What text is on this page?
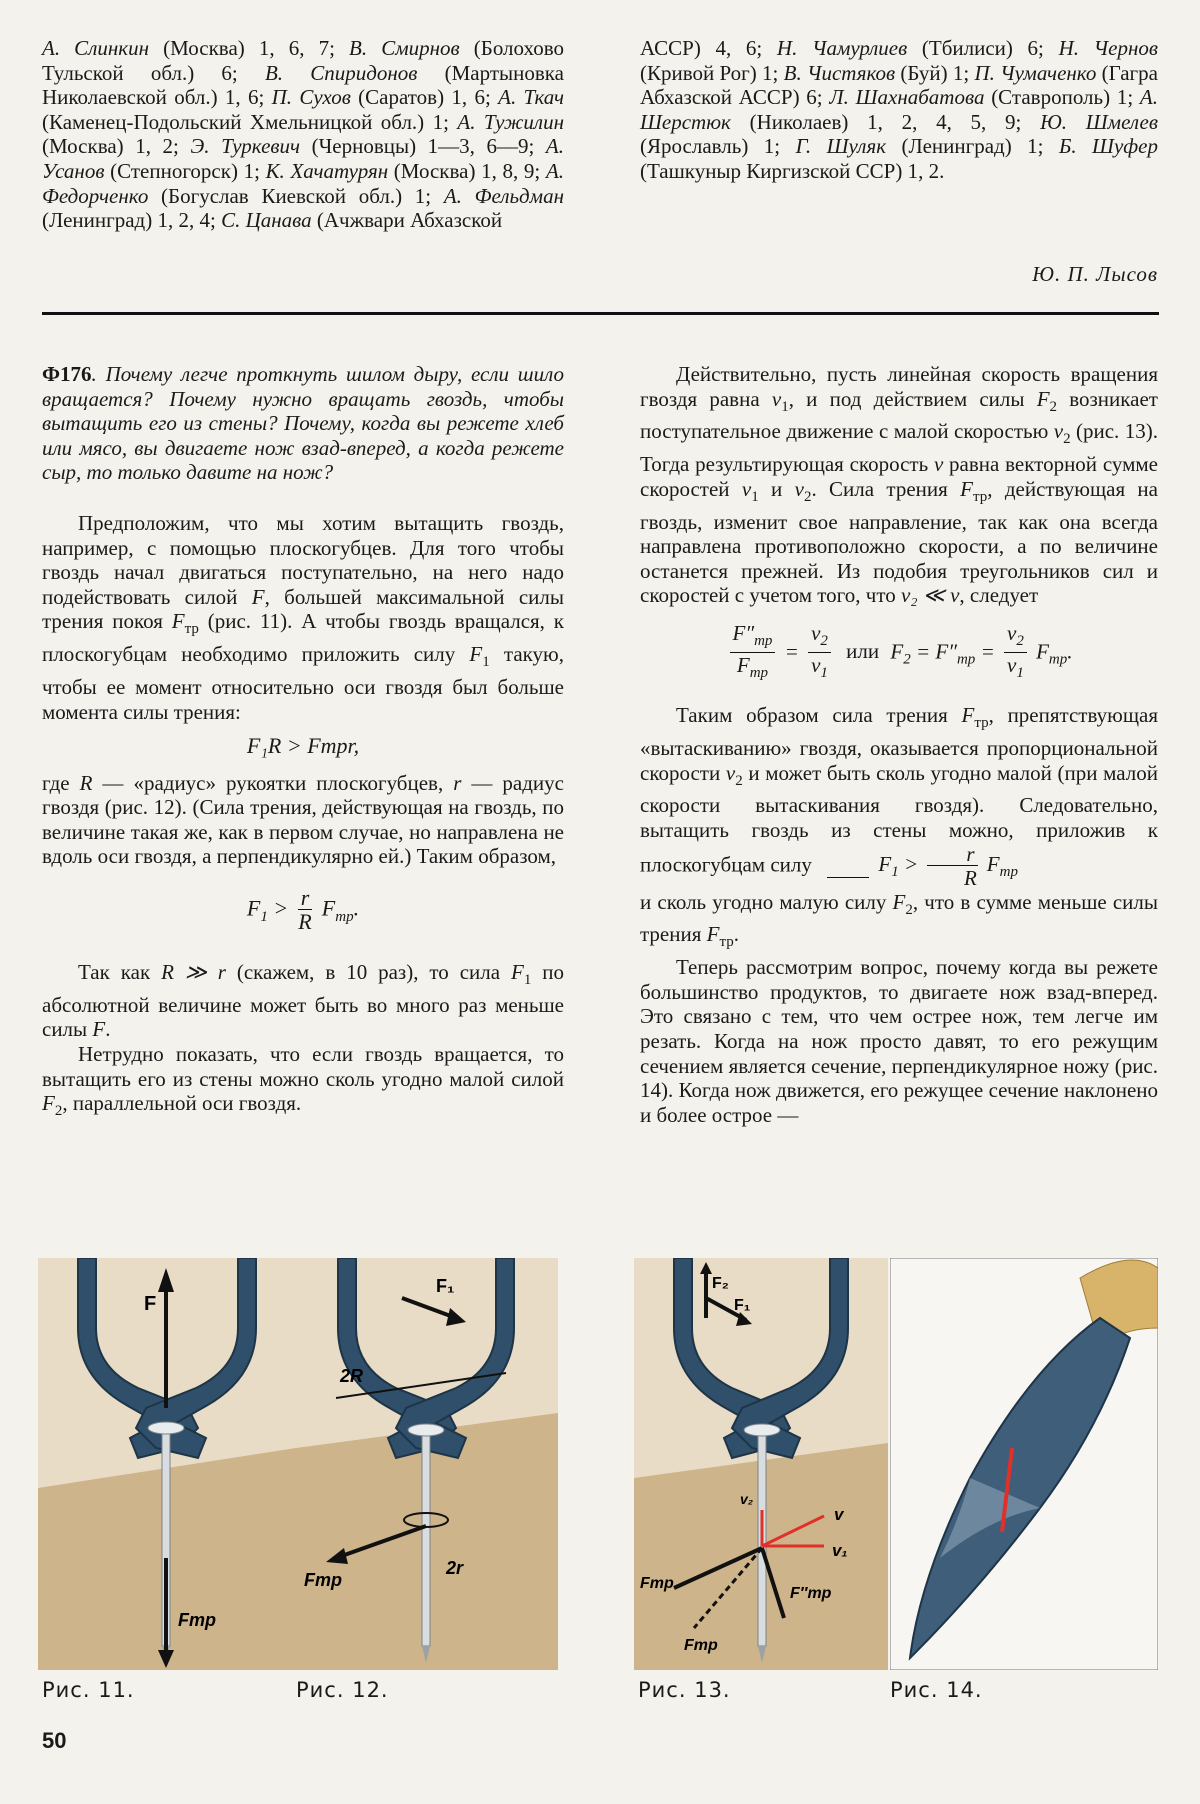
А. Слинкин (Москва) 1, 6, 7; В. Смирнов (Болохово Тульской обл.) 6; В. Спиридонов (Мартыновка Николаевской обл.) 1, 6; П. Сухов (Саратов) 1, 6; А. Ткач (Каменец-Подольский Хмельницкой обл.) 1; А. Тужилин (Москва) 1, 2; Э. Туркевич (Черновцы) 1—3, 6—9; А. Усанов (Степногорск) 1; К. Хачатурян (Москва) 1, 8, 9; А. Федорченко (Богуслав Киевской обл.) 1; А. Фельдман (Ленинград) 1, 2, 4; С. Цанава (Ачжвари Абхазской

АССР) 4, 6; Н. Чамурлиев (Тбилиси) 6; Н. Чернов (Кривой Рог) 1; В. Чистяков (Буй) 1; П. Чумаченко (Гагра Абхазской АССР) 6; Л. Шахнабатова (Ставрополь) 1; А. Шерстюк (Николаев) 1, 2, 4, 5, 9; Ю. Шмелев (Ярославль) 1; Г. Шуляк (Ленинград) 1; Б. Шуфер (Ташкуныр Киргизской ССР) 1, 2.

Ю. П. Лысов

Ф176. Почему легче проткнуть шилом дыру, если шило вращается? Почему нужно вращать гвоздь, чтобы вытащить его из стены? Почему, когда вы режете хлеб или мясо, вы двигаете нож взад-вперед, а когда режете сыр, то только давите на нож?

Предположим, что мы хотим вытащить гвоздь, например, с помощью плоскогубцев. Для того чтобы гвоздь начал двигаться поступательно, на него надо подействовать силой F, большей максимальной силы трения покоя $F_{тр}$ (рис. 11). А чтобы гвоздь вращался, к плоскогубцам необходимо приложить силу $F_1$ такую, чтобы ее момент относительно оси гвоздя был больше момента силы трения:

F₁R > Fтрr,

где R — «радиус» рукоятки плоскогубцев, r — радиус гвоздя (рис. 12). (Сила трения, действующая на гвоздь, по величине такая же, как в первом случае, но направлена не вдоль оси гвоздя, а перпендикулярно ей.) Таким образом,

$F_1 > \frac{r}{R} F_{тр}$.

Так как R ≫ r (скажем, в 10 раз), то сила $F_1$ по абсолютной величине может быть во много раз меньше силы F.

Нетрудно показать, что если гвоздь вращается, то вытащить его из стены можно сколь угодно малой силой $F_2$, параллельной оси гвоздя.

Действительно, пусть линейная скорость вращения гвоздя равна $v_1$, и под действием силы $F_2$ возникает поступательное движение с малой скоростью $v_2$ (рис. 13). Тогда результирующая скорость v равна векторной сумме скоростей $v_1$ и $v_2$. Сила трения $F_{тр}$, действующая на гвоздь, изменит свое направление, так как она всегда направлена противоположно скорости, а по величине останется прежней. Из подобия треугольников сил и скоростей с учетом того, что v₂ ≪ v, следует

$\frac{F''_{тр}}{F_{тр}} = \frac{v_2}{v_1}$ или $F_2 = F''_{тр} = \frac{v_2}{v_1} F_{тр}$.

Таким образом сила трения $F_{тр}$, препятствующая «вытаскиванию» гвоздя, оказывается пропорциональной скорости $v_2$ и может быть сколь угодно малой (при малой скорости вытаскивания гвоздя). Следовательно, вытащить гвоздь из стены можно, приложив к плоскогубцам силу	$F_1 > \frac{r}{R} F_{тр}$

и сколь угодно малую силу $F_2$, что в сумме меньше силы трения $F_{тр}$.

Теперь рассмотрим вопрос, почему когда вы режете большинство продуктов, то двигаете нож взад-вперед. Это связано с тем, что чем острее нож, тем легче им резать. Когда на нож просто давят, то его режущим сечением является сечение, перпендикулярное ножу (рис. 14). Когда нож движется, его режущее сечение наклонено и более острое —

F
Fтр
F₁
2R
Fтр
2r
F₂
F₁
v
v₁
v₂
Fтр
F″тр
Fтр
Рис. 11.	Рис. 12.	Рис. 13.	Рис. 14.
50
